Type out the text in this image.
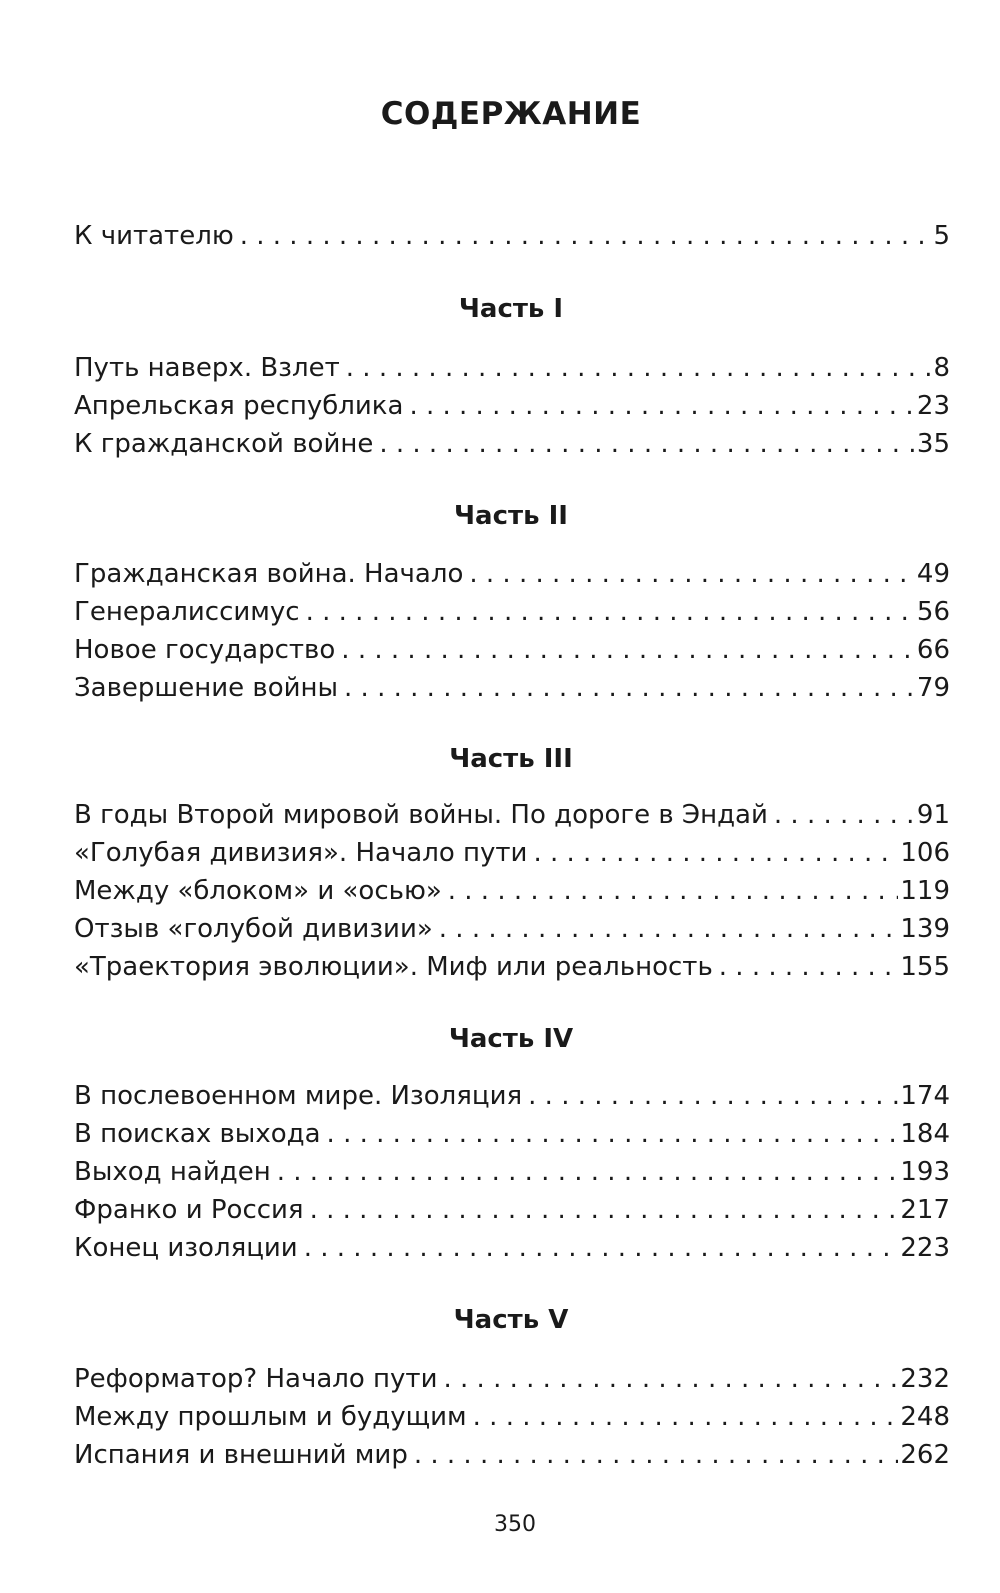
СОДЕРЖАНИЕ
К читателю . . .	5
Часть I
Путь наверх. Взлет . . .	8
Апрельская республика . . .	23
К гражданской войне . . .	35
Часть II
Гражданская война. Начало . . .	49
Генералиссимус . . .	56
Новое государство . . .	66
Завершение войны . . .	79
Часть III
В годы Второй мировой войны. По дороге в Эндай . . .	91
«Голубая дивизия». Начало пути . . .	106
Между «блоком» и «осью» . . .	119
Отзыв «голубой дивизии» . . .	139
«Траектория эволюции». Миф или реальность . . .	155
Часть IV
В послевоенном мире. Изоляция . . .	174
В поисках выхода . . .	184
Выход найден . . .	193
Франко и Россия . . .	217
Конец изоляции . . .	223
Часть V
Реформатор? Начало пути . . .	232
Между прошлым и будущим . . .	248
Испания и внешний мир . . .	262
350
